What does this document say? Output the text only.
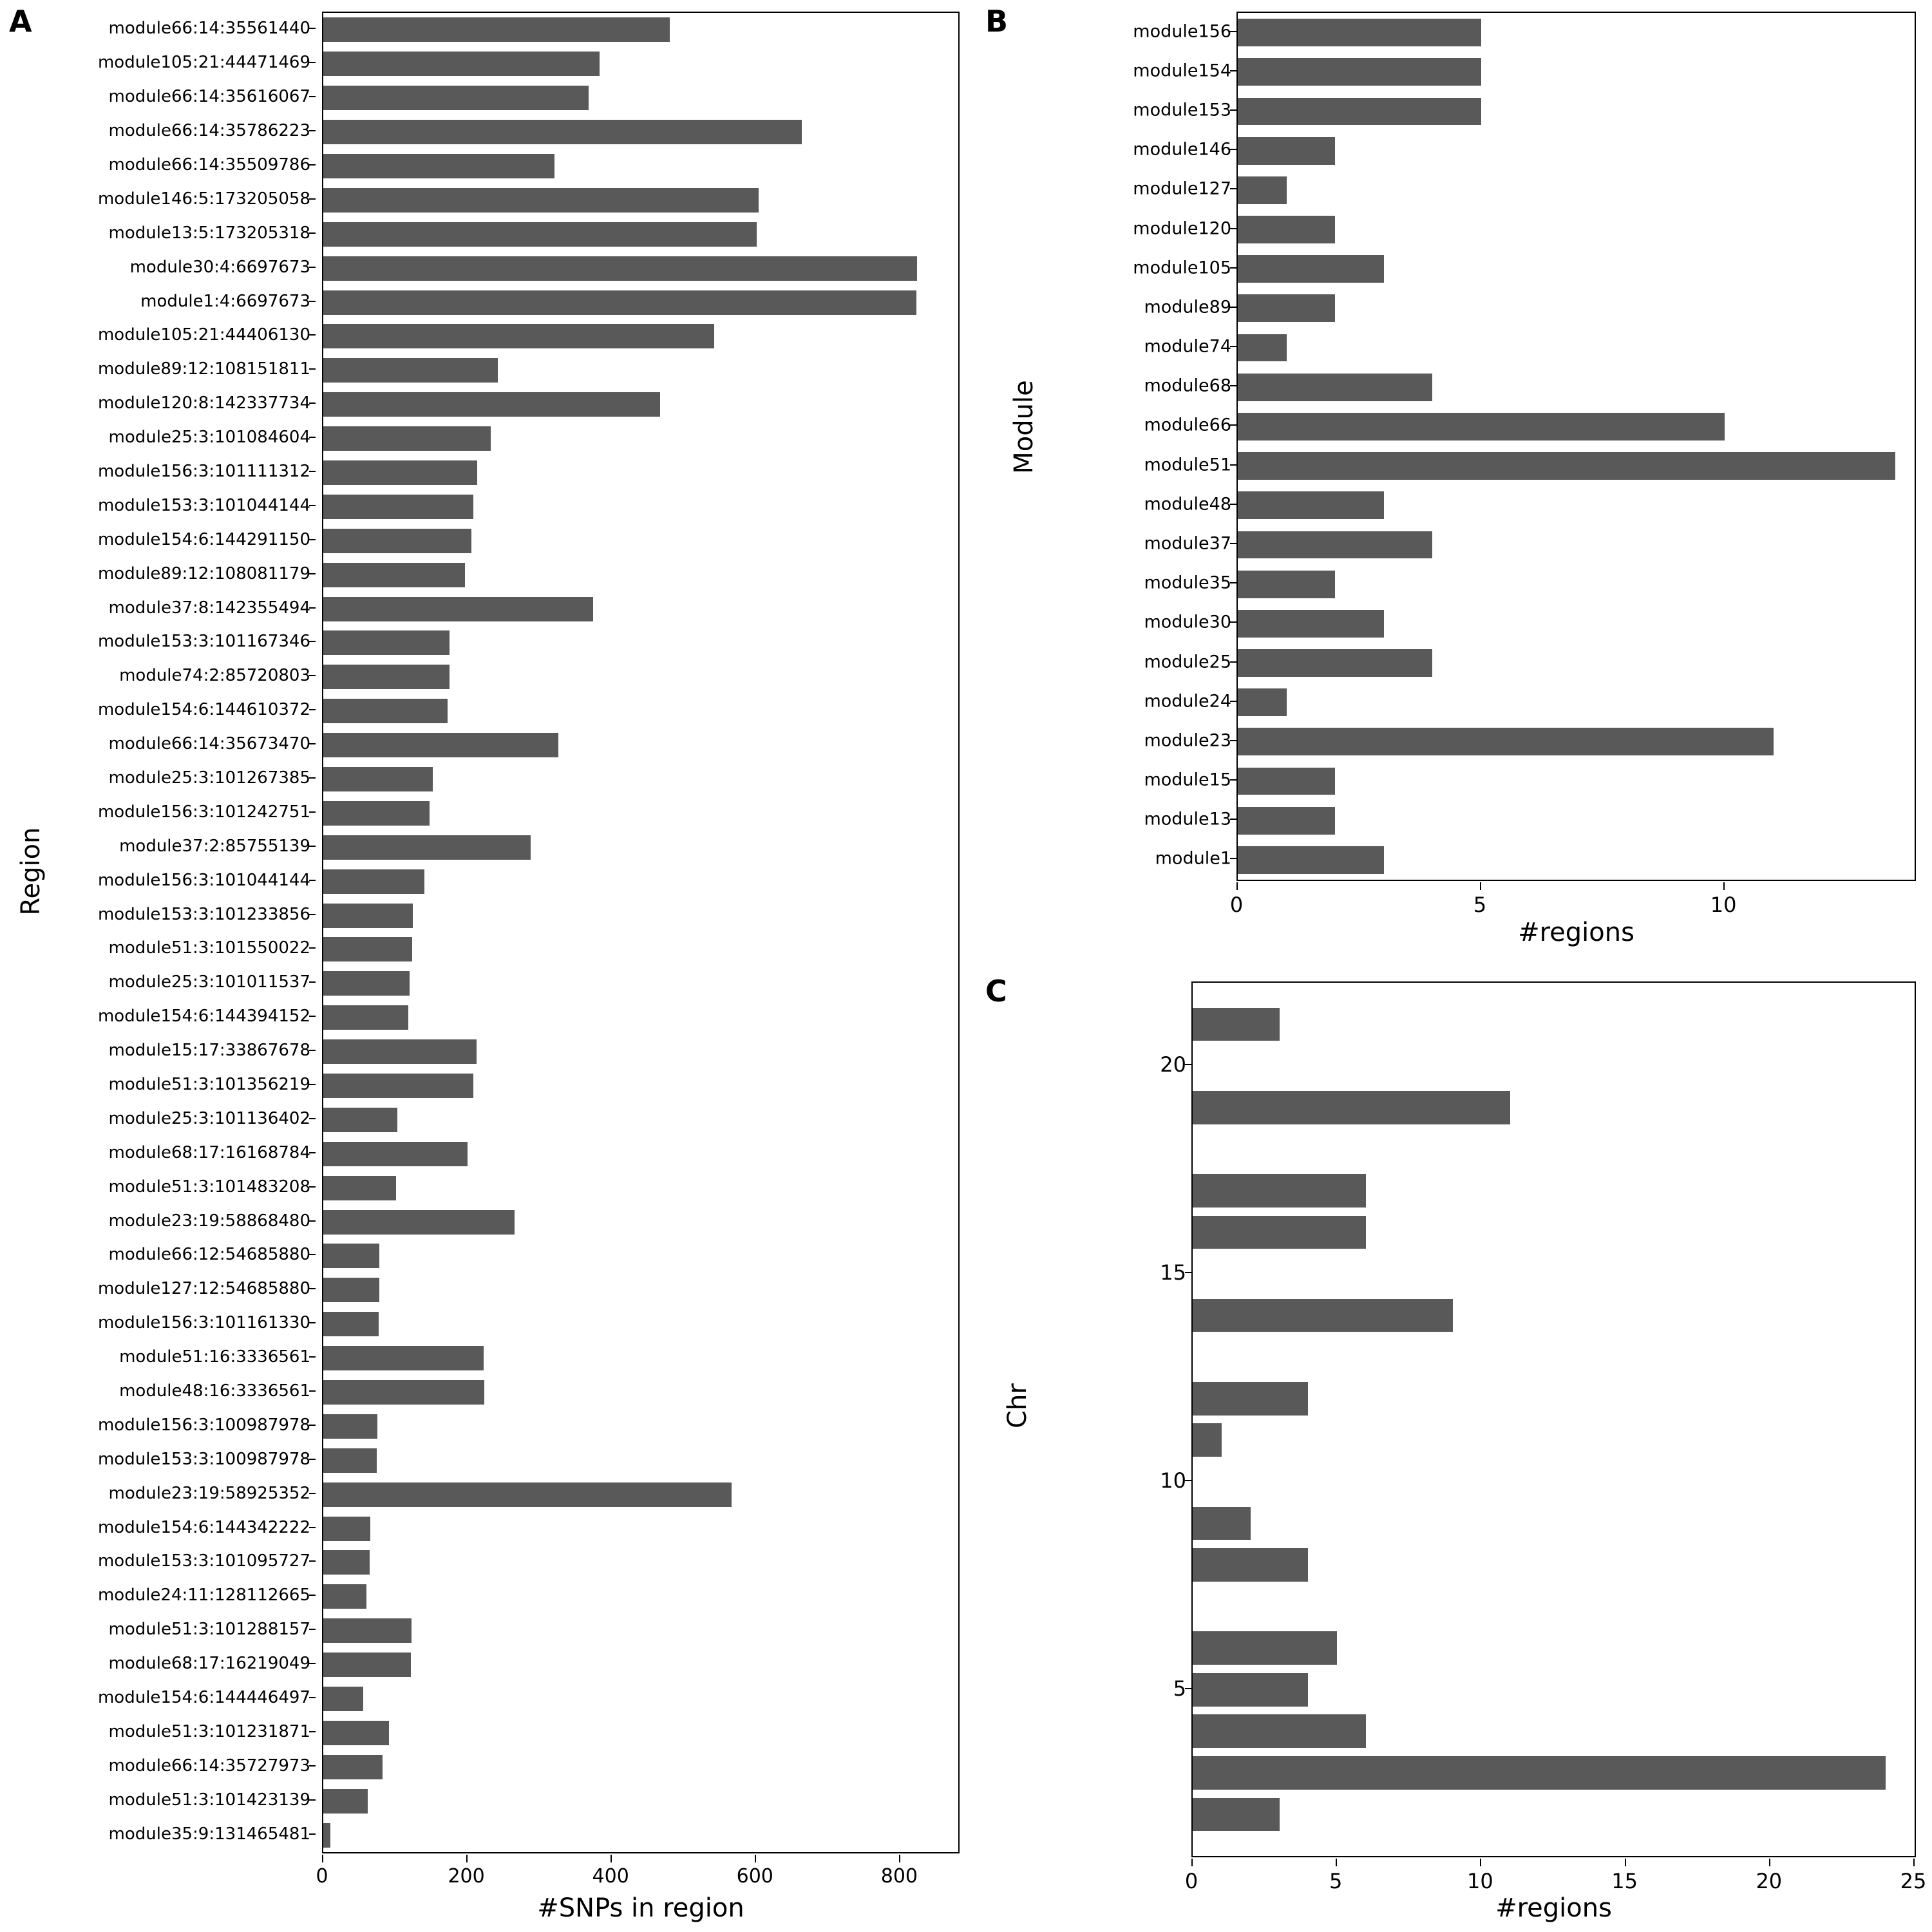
A
Region
module66:14:35561440
module105:21:44471469
module66:14:35616067
module66:14:35786223
module66:14:35509786
module146:5:173205058
module13:5:173205318
module30:4:6697673
module1:4:6697673
module105:21:44406130
module89:12:108151811
module120:8:142337734
module25:3:101084604
module156:3:101111312
module153:3:101044144
module154:6:144291150
module89:12:108081179
module37:8:142355494
module153:3:101167346
module74:2:85720803
module154:6:144610372
module66:14:35673470
module25:3:101267385
module156:3:101242751
module37:2:85755139
module156:3:101044144
module153:3:101233856
module51:3:101550022
module25:3:101011537
module154:6:144394152
module15:17:33867678
module51:3:101356219
module25:3:101136402
module68:17:16168784
module51:3:101483208
module23:19:58868480
module66:12:54685880
module127:12:54685880
module156:3:101161330
module51:16:3336561
module48:16:3336561
module156:3:100987978
module153:3:100987978
module23:19:58925352
module154:6:144342222
module153:3:101095727
module24:11:128112665
module51:3:101288157
module68:17:16219049
module154:6:144446497
module51:3:101231871
module66:14:35727973
module51:3:101423139
module35:9:131465481
0	200	400	600	800
#SNPs in region
B
Module
module156
module154
module153
module146
module127
module120
module105
module89
module74
module68
module66
module51
module48
module37
module35
module30
module25
module24
module23
module15
module13
module1
0	5	10
#regions
C
Chr
5
10
15
20
0	5	10	15	20	25
#regions
